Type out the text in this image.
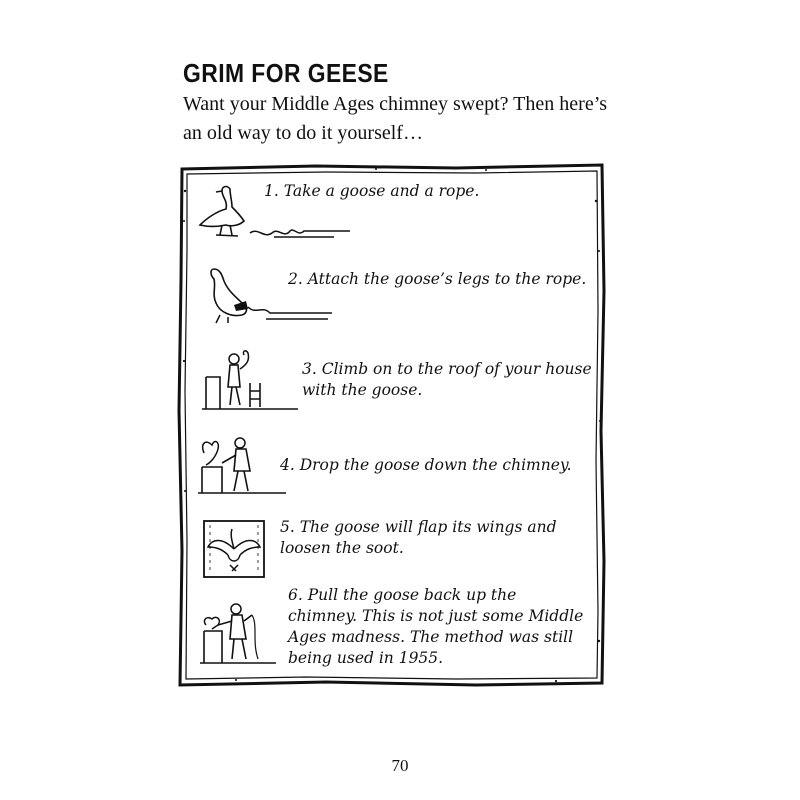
GRIM FOR GEESE
Want your Middle Ages chimney swept? Then here’s an old way to do it yourself…
1. Take a goose and a rope.
2. Attach the goose’s legs to the rope.
3. Climb on to the roof of your house with the goose.
4. Drop the goose down the chimney.
5. The goose will flap its wings and loosen the soot.
6. Pull the goose back up the chimney. This is not just some Middle Ages madness. The method was still being used in 1955.
70
